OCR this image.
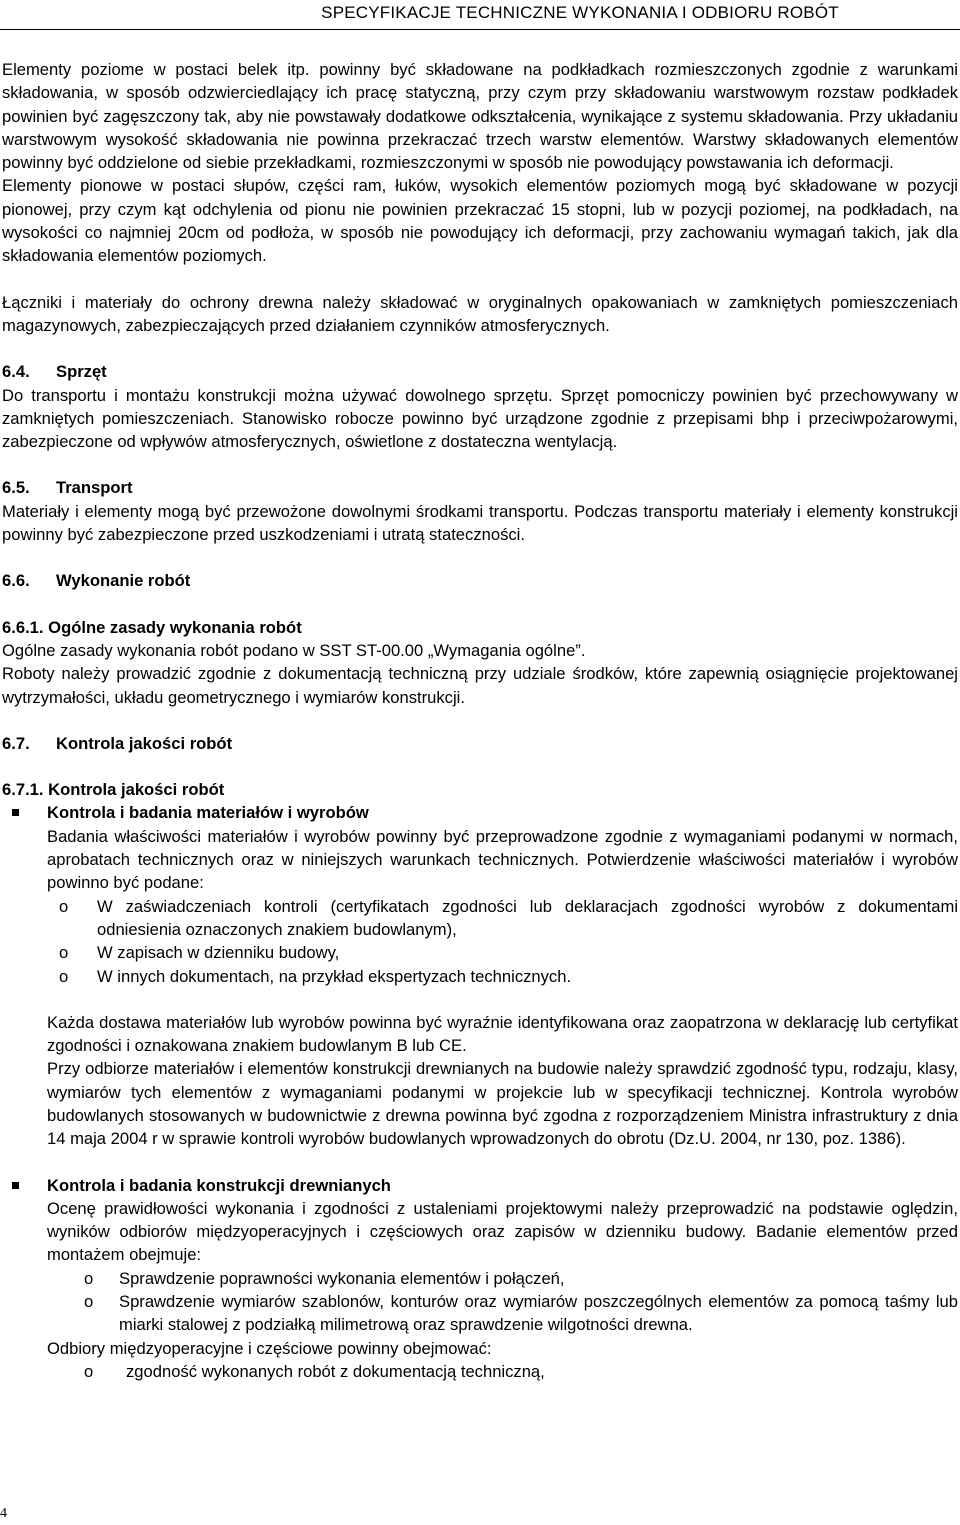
SPECYFIKACJE TECHNICZNE WYKONANIA I ODBIORU ROBÓT

Elementy poziome w postaci belek itp. powinny być składowane na podkładkach rozmieszczonych zgodnie z warunkami składowania, w sposób odzwierciedlający ich pracę statyczną, przy czym przy składowaniu warstwowym rozstaw podkładek powinien być zagęszczony tak, aby nie powstawały dodatkowe odkształcenia, wynikające z systemu składowania. Przy układaniu warstwowym wysokość składowania nie powinna przekraczać trzech warstw elementów. Warstwy składowanych elementów powinny być oddzielone od siebie przekładkami, rozmieszczonymi w sposób nie powodujący powstawania ich deformacji.

Elementy pionowe w postaci słupów, części ram, łuków, wysokich elementów poziomych mogą być składowane w pozycji pionowej, przy czym kąt odchylenia od pionu nie powinien przekraczać 15 stopni, lub w pozycji poziomej, na podkładach, na wysokości co najmniej 20cm od podłoża, w sposób nie powodujący ich deformacji, przy zachowaniu wymagań takich, jak dla składowania elementów poziomych.

Łączniki i materiały do ochrony drewna należy składować w oryginalnych opakowaniach w zamkniętych pomieszczeniach magazynowych, zabezpieczających przed działaniem czynników atmosferycznych.

6.4. Sprzęt

Do transportu i montażu konstrukcji można używać dowolnego sprzętu. Sprzęt pomocniczy powinien być przechowywany w zamkniętych pomieszczeniach. Stanowisko robocze powinno być urządzone zgodnie z przepisami bhp i przeciwpożarowymi, zabezpieczone od wpływów atmosferycznych, oświetlone z dostateczna wentylacją.

6.5. Transport

Materiały i elementy mogą być przewożone dowolnymi środkami transportu. Podczas transportu materiały i elementy konstrukcji powinny być zabezpieczone przed uszkodzeniami i utratą stateczności.

6.6. Wykonanie robót
6.6.1. Ogólne zasady wykonania robót

Ogólne zasady wykonania robót podano w SST ST-00.00 „Wymagania ogólne”.

Roboty należy prowadzić zgodnie z dokumentacją techniczną przy udziale środków, które zapewnią osiągnięcie projektowanej wytrzymałości, układu geometrycznego i wymiarów konstrukcji.

6.7. Kontrola jakości robót
6.7.1. Kontrola jakości robót
Kontrola i badania materiałów i wyrobów

Badania właściwości materiałów i wyrobów powinny być przeprowadzone zgodnie z wymaganiami podanymi w normach, aprobatach technicznych oraz w niniejszych warunkach technicznych. Potwierdzenie właściwości materiałów i wyrobów powinno być podane:

o W zaświadczeniach kontroli (certyfikatach zgodności lub deklaracjach zgodności wyrobów z dokumentami odniesienia oznaczonych znakiem budowlanym),
o W zapisach w dzienniku budowy,
o W innych dokumentach, na przykład ekspertyzach technicznych.

Każda dostawa materiałów lub wyrobów powinna być wyraźnie identyfikowana oraz zaopatrzona w deklarację lub certyfikat zgodności i oznakowana znakiem budowlanym B lub CE.

Przy odbiorze materiałów i elementów konstrukcji drewnianych na budowie należy sprawdzić zgodność typu, rodzaju, klasy, wymiarów tych elementów z wymaganiami podanymi w projekcie lub w specyfikacji technicznej. Kontrola wyrobów budowlanych stosowanych w budownictwie z drewna powinna być zgodna z rozporządzeniem Ministra infrastruktury z dnia 14 maja 2004 r w sprawie kontroli wyrobów budowlanych wprowadzonych do obrotu (Dz.U. 2004, nr 130, poz. 1386).

Kontrola i badania konstrukcji drewnianych

Ocenę prawidłowości wykonania i zgodności z ustaleniami projektowymi należy przeprowadzić na podstawie oględzin, wyników odbiorów międzyoperacyjnych i częściowych oraz zapisów w dzienniku budowy. Badanie elementów przed montażem obejmuje:

o Sprawdzenie poprawności wykonania elementów i połączeń,
o Sprawdzenie wymiarów szablonów, konturów oraz wymiarów poszczególnych elementów za pomocą taśmy lub miarki stalowej z podziałką milimetrową oraz sprawdzenie wilgotności drewna.

Odbiory międzyoperacyjne i częściowe powinny obejmować:

o zgodność wykonanych robót z dokumentacją techniczną,
4
